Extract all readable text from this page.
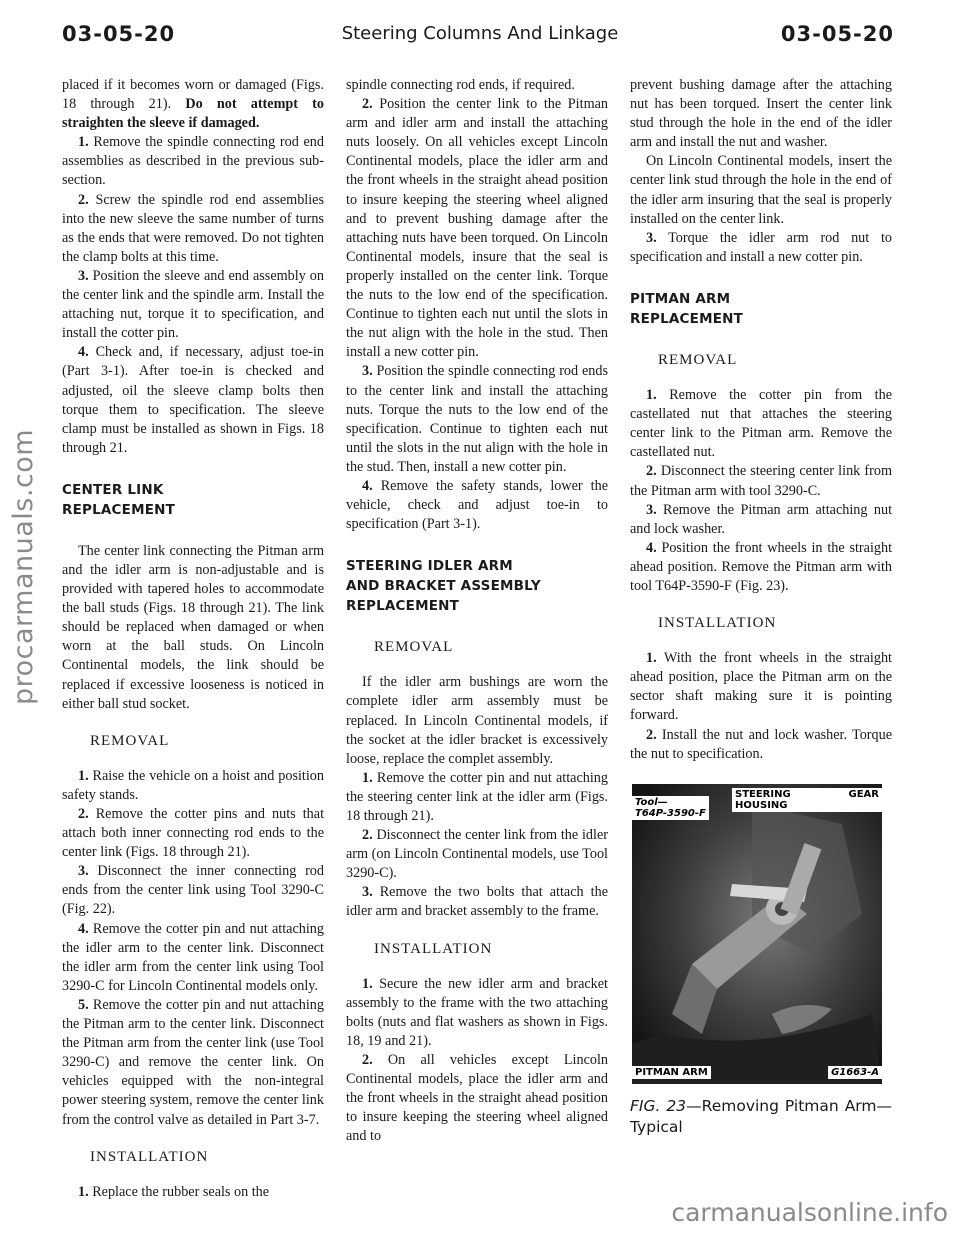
03-05-20	Steering Columns And Linkage	03-05-20
procarmanuals.com

placed if it becomes worn or damaged (Figs. 18 through 21). Do not attempt to straighten the sleeve if damaged.

1. Remove the spindle connecting rod end assemblies as described in the previous sub-section.

2. Screw the spindle rod end assemblies into the new sleeve the same number of turns as the ends that were removed. Do not tighten the clamp bolts at this time.

3. Position the sleeve and end assembly on the center link and the spindle arm. Install the attaching nut, torque it to specification, and install the cotter pin.

4. Check and, if necessary, adjust toe-in (Part 3-1). After toe-in is checked and adjusted, oil the sleeve clamp bolts then torque them to specification. The sleeve clamp must be installed as shown in Figs. 18 through 21.

CENTER LINK
REPLACEMENT

The center link connecting the Pitman arm and the idler arm is non-adjustable and is provided with tapered holes to accommodate the ball studs (Figs. 18 through 21). The link should be replaced when damaged or when worn at the ball studs. On Lincoln Continental models, the link should be replaced if excessive looseness is noticed in either ball stud socket.

REMOVAL

1. Raise the vehicle on a hoist and position safety stands.

2. Remove the cotter pins and nuts that attach both inner connecting rod ends to the center link (Figs. 18 through 21).

3. Disconnect the inner connecting rod ends from the center link using Tool 3290-C (Fig. 22).

4. Remove the cotter pin and nut attaching the idler arm to the center link. Disconnect the idler arm from the center link using Tool 3290-C for Lincoln Continental models only.

5. Remove the cotter pin and nut attaching the Pitman arm to the center link. Disconnect the Pitman arm from the center link (use Tool 3290-C) and remove the center link. On vehicles equipped with the non-integral power steering system, remove the center link from the control valve as detailed in Part 3-7.

INSTALLATION

1. Replace the rubber seals on the

spindle connecting rod ends, if required.

2. Position the center link to the Pitman arm and idler arm and install the attaching nuts loosely. On all vehicles except Lincoln Continental models, place the idler arm and the front wheels in the straight ahead position to insure keeping the steering wheel aligned and to prevent bushing damage after the attaching nuts have been torqued. On Lincoln Continental models, insure that the seal is properly installed on the center link. Torque the nuts to the low end of the specification. Continue to tighten each nut until the slots in the nut align with the hole in the stud. Then install a new cotter pin.

3. Position the spindle connecting rod ends to the center link and install the attaching nuts. Torque the nuts to the low end of the specification. Continue to tighten each nut until the slots in the nut align with the hole in the stud. Then, install a new cotter pin.

4. Remove the safety stands, lower the vehicle, check and adjust toe-in to specification (Part 3-1).

STEERING IDLER ARM
AND BRACKET ASSEMBLY
REPLACEMENT
REMOVAL

If the idler arm bushings are worn the complete idler arm assembly must be replaced. In Lincoln Continental models, if the socket at the idler bracket is excessively loose, replace the complet assembly.

1. Remove the cotter pin and nut attaching the steering center link at the idler arm (Figs. 18 through 21).

2. Disconnect the center link from the idler arm (on Lincoln Continental models, use Tool 3290-C).

3. Remove the two bolts that attach the idler arm and bracket assembly to the frame.

INSTALLATION

1. Secure the new idler arm and bracket assembly to the frame with the two attaching bolts (nuts and flat washers as shown in Figs. 18, 19 and 21).

2. On all vehicles except Lincoln Continental models, place the idler arm and the front wheels in the straight ahead position to insure keeping the steering wheel aligned and to

prevent bushing damage after the attaching nut has been torqued. Insert the center link stud through the hole in the end of the idler arm and install the nut and washer.

On Lincoln Continental models, insert the center link stud through the hole in the end of the idler arm insuring that the seal is properly installed on the center link.

3. Torque the idler arm rod nut to specification and install a new cotter pin.

PITMAN ARM
REPLACEMENT
REMOVAL

1. Remove the cotter pin from the castellated nut that attaches the steering center link to the Pitman arm. Remove the castellated nut.

2. Disconnect the steering center link from the Pitman arm with tool 3290-C.

3. Remove the Pitman arm attaching nut and lock washer.

4. Position the front wheels in the straight ahead position. Remove the Pitman arm with tool T64P-3590-F (Fig. 23).

INSTALLATION

1. With the front wheels in the straight ahead position, place the Pitman arm on the sector shaft making sure it is pointing forward.

2. Install the nut and lock washer. Torque the nut to specification.

Tool—
T64P-3590-F
STEERING GEAR HOUSING
PITMAN ARM	G1663-A
FIG. 23—Removing Pitman Arm—Typical
carmanualsonline.info
